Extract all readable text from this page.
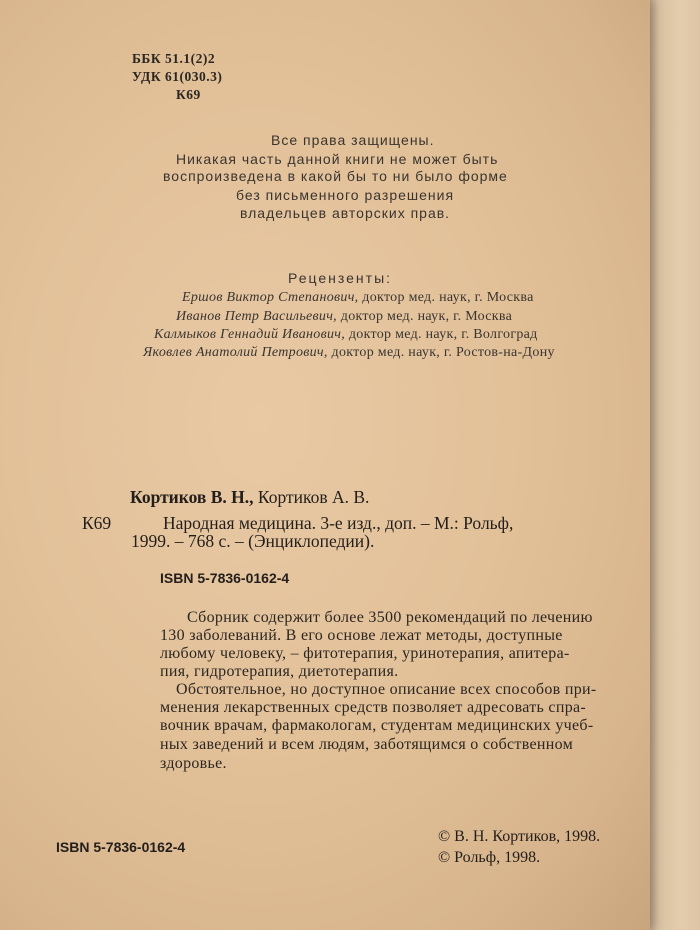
ББК 51.1(2)2
УДК 61(030.3)
К69
Все права защищены.
Никакая часть данной книги не может быть
воспроизведена в какой бы то ни было форме
без письменного разрешения
владельцев авторских прав.
Рецензенты:
Ершов Виктор Степанович, доктор мед. наук, г. Москва
Иванов Петр Васильевич, доктор мед. наук, г. Москва
Калмыков Геннадий Иванович, доктор мед. наук, г. Волгоград
Яковлев Анатолий Петрович, доктор мед. наук, г. Ростов-на-Дону
Кортиков В. Н., Кортиков А. В.
К69	Народная медицина. 3-е изд., доп. – М.: Рольф,
1999. – 768 с. – (Энциклопедии).
ISBN 5-7836-0162-4
Сборник содержит более 3500 рекомендаций по лечению
130 заболеваний. В его основе лежат методы, доступные
любому человеку, – фитотерапия, уринотерапия, апитера-
пия, гидротерапия, диетотерапия.
Обстоятельное, но доступное описание всех способов при-
менения лекарственных средств позволяет адресовать спра-
вочник врачам, фармакологам, студентам медицинских учеб-
ных заведений и всем людям, заботящимся о собственном
здоровье.
ISBN 5-7836-0162-4
© В. Н. Кортиков, 1998.
© Рольф, 1998.
